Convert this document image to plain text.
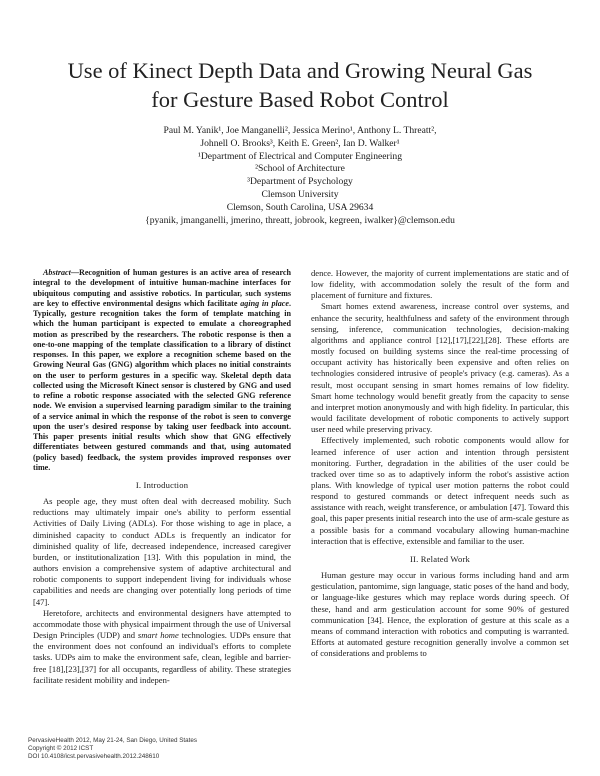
Use of Kinect Depth Data and Growing Neural Gas
for Gesture Based Robot Control
Paul M. Yanik¹, Joe Manganelli², Jessica Merino¹, Anthony L. Threatt²,
Johnell O. Brooks³, Keith E. Green², Ian D. Walker¹
¹Department of Electrical and Computer Engineering
²School of Architecture
³Department of Psychology
Clemson University
Clemson, South Carolina, USA 29634
{pyanik, jmanganelli, jmerino, threatt, jobrook, kegreen, iwalker}@clemson.edu

Abstract—Recognition of human gestures is an active area of research integral to the development of intuitive human-machine interfaces for ubiquitous computing and assistive robotics. In particular, such systems are key to effective environmental designs which facilitate aging in place. Typically, gesture recognition takes the form of template matching in which the human participant is expected to emulate a choreographed motion as prescribed by the researchers. The robotic response is then a one-to-one mapping of the template classification to a library of distinct responses. In this paper, we explore a recognition scheme based on the Growing Neural Gas (GNG) algorithm which places no initial constraints on the user to perform gestures in a specific way. Skeletal depth data collected using the Microsoft Kinect sensor is clustered by GNG and used to refine a robotic response associated with the selected GNG reference node. We envision a supervised learning paradigm similar to the training of a service animal in which the response of the robot is seen to converge upon the user's desired response by taking user feedback into account. This paper presents initial results which show that GNG effectively differentiates between gestured commands and that, using automated (policy based) feedback, the system provides improved responses over time.

I. Introduction

As people age, they must often deal with decreased mobility. Such reductions may ultimately impair one's ability to perform essential Activities of Daily Living (ADLs). For those wishing to age in place, a diminished capacity to conduct ADLs is frequently an indicator for diminished quality of life, decreased independence, increased caregiver burden, or institutionalization [13]. With this population in mind, the authors envision a comprehensive system of adaptive architectural and robotic components to support independent living for individuals whose capabilities and needs are changing over potentially long periods of time [47].

Heretofore, architects and environmental designers have attempted to accommodate those with physical impairment through the use of Universal Design Principles (UDP) and smart home technologies. UDPs ensure that the environment does not confound an individual's efforts to complete tasks. UDPs aim to make the environment safe, clean, legible and barrier-free [18],[23],[37] for all occupants, regardless of ability. These strategies facilitate resident mobility and indepen-

dence. However, the majority of current implementations are static and of low fidelity, with accommodation solely the result of the form and placement of furniture and fixtures.

Smart homes extend awareness, increase control over systems, and enhance the security, healthfulness and safety of the environment through sensing, inference, communication technologies, decision-making algorithms and appliance control [12],[17],[22],[28]. These efforts are mostly focused on building systems since the real-time processing of occupant activity has historically been expensive and often relies on technologies considered intrusive of people's privacy (e.g. cameras). As a result, most occupant sensing in smart homes remains of low fidelity. Smart home technology would benefit greatly from the capacity to sense and interpret motion anonymously and with high fidelity. In particular, this would facilitate development of robotic components to actively support user need while preserving privacy.

Effectively implemented, such robotic components would allow for learned inference of user action and intention through persistent monitoring. Further, degradation in the abilities of the user could be tracked over time so as to adaptively inform the robot's assistive action plans. With knowledge of typical user motion patterns the robot could respond to gestured commands or detect infrequent needs such as assistance with reach, weight transference, or ambulation [47]. Toward this goal, this paper presents initial research into the use of arm-scale gesture as a possible basis for a command vocabulary allowing human-machine interaction that is effective, extensible and familiar to the user.

II. Related Work

Human gesture may occur in various forms including hand and arm gesticulation, pantomime, sign language, static poses of the hand and body, or language-like gestures which may replace words during speech. Of these, hand and arm gesticulation account for some 90% of gestured communication [34]. Hence, the exploration of gesture at this scale as a means of command interaction with robotics and computing is warranted. Efforts at automated gesture recognition generally involve a common set of considerations and problems to

PervasiveHealth 2012, May 21-24, San Diego, United States
Copyright © 2012 ICST
DOI 10.4108/icst.pervasivehealth.2012.248610
